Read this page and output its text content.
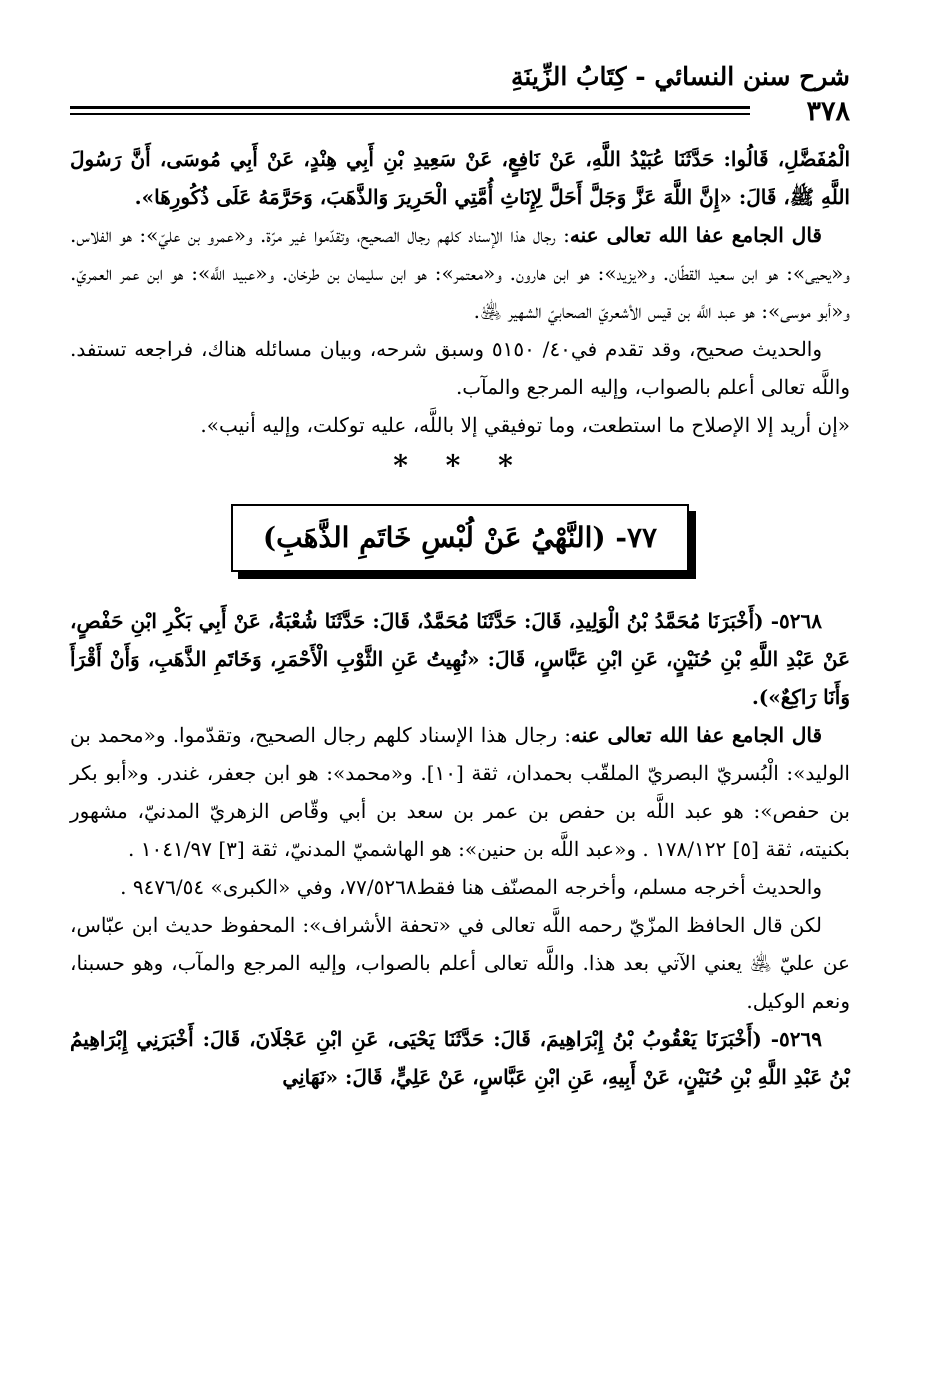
شرح سنن النسائي - كِتَابُ الزِّينَةِ
٣٧٨

الْمُفَضَّلِ، قَالُوا: حَدَّثَنَا عُبَيْدُ اللَّهِ، عَنْ نَافِعٍ، عَنْ سَعِيدِ بْنِ أَبِي هِنْدٍ، عَنْ أَبِي مُوسَى، أَنَّ رَسُولَ اللَّهِ ﷺ، قَالَ: «إِنَّ اللَّهَ عَزَّ وَجَلَّ أَحَلَّ لِإِنَاثِ أُمَّتِي الْحَرِيرَ وَالذَّهَبَ، وَحَرَّمَهُ عَلَى ذُكُورِهَا».

قال الجامع عفا الله تعالى عنه: رجال هذا الإسناد كلهم رجال الصحيح، وتقدّموا غير مرّة. و«عمرو بن عليّ»: هو الفلاس. و«يحيى»: هو ابن سعيد القطّان. و«يزيد»: هو ابن هارون. و«معتمر»: هو ابن سليمان بن طرخان. و«عبيد اللَّه»: هو ابن عمر العمريّ. و«أبو موسى»: هو عبد اللَّه بن قيس الأشعريّ الصحابيّ الشهير ﵁.

والحديث صحيح، وقد تقدم في٤٠/ ٥١٥٠ وسبق شرحه، وبيان مسائله هناك، فراجعه تستفد. واللَّه تعالى أعلم بالصواب، وإليه المرجع والمآب.

«إن أريد إلا الإصلاح ما استطعت، وما توفيقي إلا باللَّه، عليه توكلت، وإليه أنيب».

* * *
٧٧- (النَّهْيُ عَنْ لُبْسِ خَاتَمِ الذَّهَبِ)

٥٢٦٨- (أَخْبَرَنَا مُحَمَّدُ بْنُ الْوَلِيدِ، قَالَ: حَدَّثَنَا مُحَمَّدٌ، قَالَ: حَدَّثَنَا شُعْبَةُ، عَنْ أَبِي بَكْرِ ابْنِ حَفْصٍ، عَنْ عَبْدِ اللَّهِ بْنِ حُنَيْنٍ، عَنِ ابْنِ عَبَّاسٍ، قَالَ: «نُهِيتُ عَنِ الثَّوْبِ الْأَحْمَرِ، وَخَاتَمِ الذَّهَبِ، وَأَنْ أَقْرَأَ وَأَنَا رَاكِعٌ»).

قال الجامع عفا الله تعالى عنه: رجال هذا الإسناد كلهم رجال الصحيح، وتقدّموا. و«محمد بن الوليد»: الْبُسريّ البصريّ الملقّب بحمدان، ثقة [١٠]. و«محمد»: هو ابن جعفر، غندر. و«أبو بكر بن حفص»: هو عبد اللَّه بن حفص بن عمر بن سعد بن أبي وقّاص الزهريّ المدنيّ، مشهور بكنيته، ثقة [٥] ١٧٨/١٢٢ . و«عبد اللَّه بن حنين»: هو الهاشميّ المدنيّ، ثقة [٣] ١٠٤١/٩٧ .

والحديث أخرجه مسلم، وأخرجه المصنّف هنا فقط٧٧/٥٢٦٨، وفي «الكبرى» ٩٤٧٦/٥٤ .

لكن قال الحافظ المزّيّ رحمه اللَّه تعالى في «تحفة الأشراف»: المحفوظ حديث ابن عبّاس، عن عليّ ﵁ يعني الآتي بعد هذا. واللَّه تعالى أعلم بالصواب، وإليه المرجع والمآب، وهو حسبنا، ونعم الوكيل.

٥٢٦٩- (أَخْبَرَنَا يَعْقُوبُ بْنُ إِبْرَاهِيمَ، قَالَ: حَدَّثَنَا يَحْيَى، عَنِ ابْنِ عَجْلَانَ، قَالَ: أَخْبَرَنِي إِبْرَاهِيمُ بْنُ عَبْدِ اللَّهِ بْنِ حُنَيْنٍ، عَنْ أَبِيهِ، عَنِ ابْنِ عَبَّاسٍ، عَنْ عَلِيٍّ، قَالَ: «نَهَانِي
